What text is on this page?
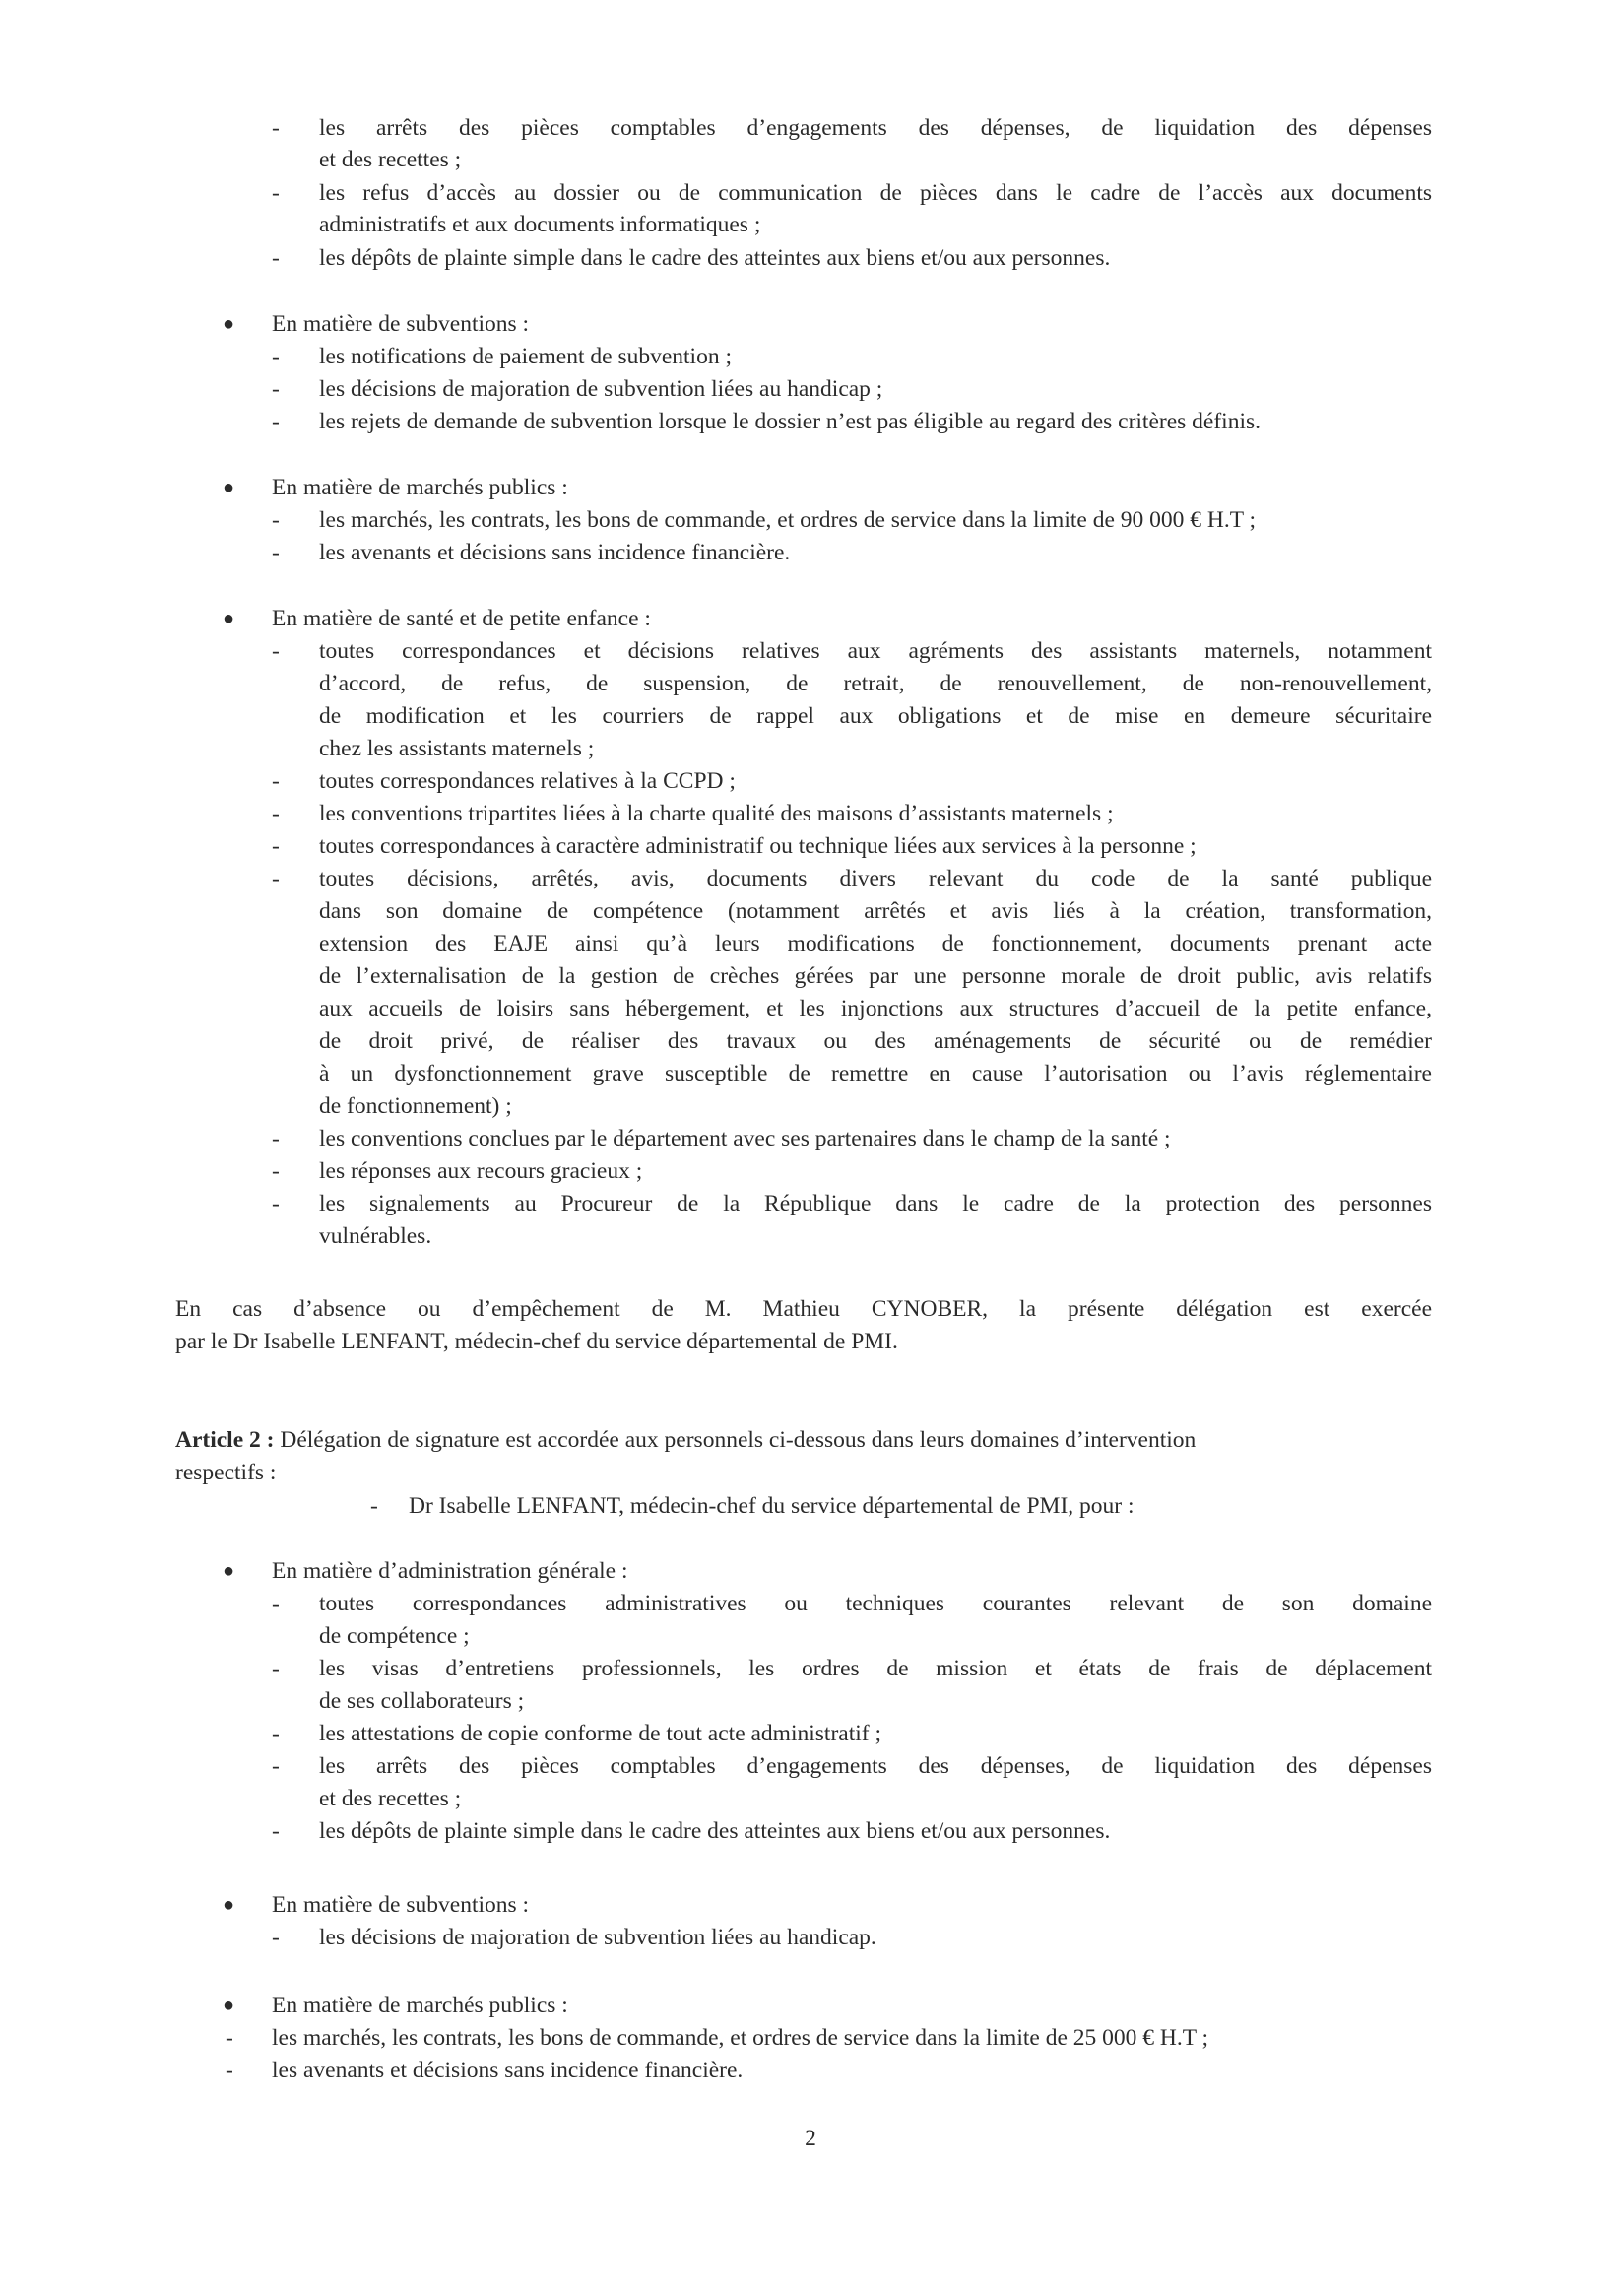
- les arrêts des pièces comptables d’engagements des dépenses, de liquidation des dépenses
et des recettes ;
- les refus d’accès au dossier ou de communication de pièces dans le cadre de l’accès aux documents
administratifs et aux documents informatiques ;
- les dépôts de plainte simple dans le cadre des atteintes aux biens et/ou aux personnes.
● En matière de subventions :
- les notifications de paiement de subvention ;
- les décisions de majoration de subvention liées au handicap ;
- les rejets de demande de subvention lorsque le dossier n’est pas éligible au regard des critères définis.
● En matière de marchés publics :
- les marchés, les contrats, les bons de commande, et ordres de service dans la limite de 90 000 € H.T ;
- les avenants et décisions sans incidence financière.
● En matière de santé et de petite enfance :
- toutes correspondances et décisions relatives aux agréments des assistants maternels, notamment
d’accord, de refus, de suspension, de retrait, de renouvellement, de non-renouvellement,
de modification et les courriers de rappel aux obligations et de mise en demeure sécuritaire
chez les assistants maternels ;
- toutes correspondances relatives à la CCPD ;
- les conventions tripartites liées à la charte qualité des maisons d’assistants maternels ;
- toutes correspondances à caractère administratif ou technique liées aux services à la personne ;
- toutes décisions, arrêtés, avis, documents divers relevant du code de la santé publique
dans son domaine de compétence (notamment arrêtés et avis liés à la création, transformation,
extension des EAJE ainsi qu’à leurs modifications de fonctionnement, documents prenant acte
de l’externalisation de la gestion de crèches gérées par une personne morale de droit public, avis relatifs
aux accueils de loisirs sans hébergement, et les injonctions aux structures d’accueil de la petite enfance,
de droit privé, de réaliser des travaux ou des aménagements de sécurité ou de remédier
à un dysfonctionnement grave susceptible de remettre en cause l’autorisation ou l’avis réglementaire
de fonctionnement) ;
- les conventions conclues par le département avec ses partenaires dans le champ de la santé ;
- les réponses aux recours gracieux ;
- les signalements au Procureur de la République dans le cadre de la protection des personnes
vulnérables.
En cas d’absence ou d’empêchement de M. Mathieu CYNOBER, la présente délégation est exercée
par le Dr Isabelle LENFANT, médecin-chef du service départemental de PMI.
Article 2 : Délégation de signature est accordée aux personnels ci-dessous dans leurs domaines d’intervention
respectifs :
- Dr Isabelle LENFANT, médecin-chef du service départemental de PMI, pour :
● En matière d’administration générale :
- toutes correspondances administratives ou techniques courantes relevant de son domaine
de compétence ;
- les visas d’entretiens professionnels, les ordres de mission et états de frais de déplacement
de ses collaborateurs ;
- les attestations de copie conforme de tout acte administratif ;
- les arrêts des pièces comptables d’engagements des dépenses, de liquidation des dépenses
et des recettes ;
- les dépôts de plainte simple dans le cadre des atteintes aux biens et/ou aux personnes.
● En matière de subventions :
- les décisions de majoration de subvention liées au handicap.
● En matière de marchés publics :
- les marchés, les contrats, les bons de commande, et ordres de service dans la limite de 25 000 € H.T ;
- les avenants et décisions sans incidence financière.
2
